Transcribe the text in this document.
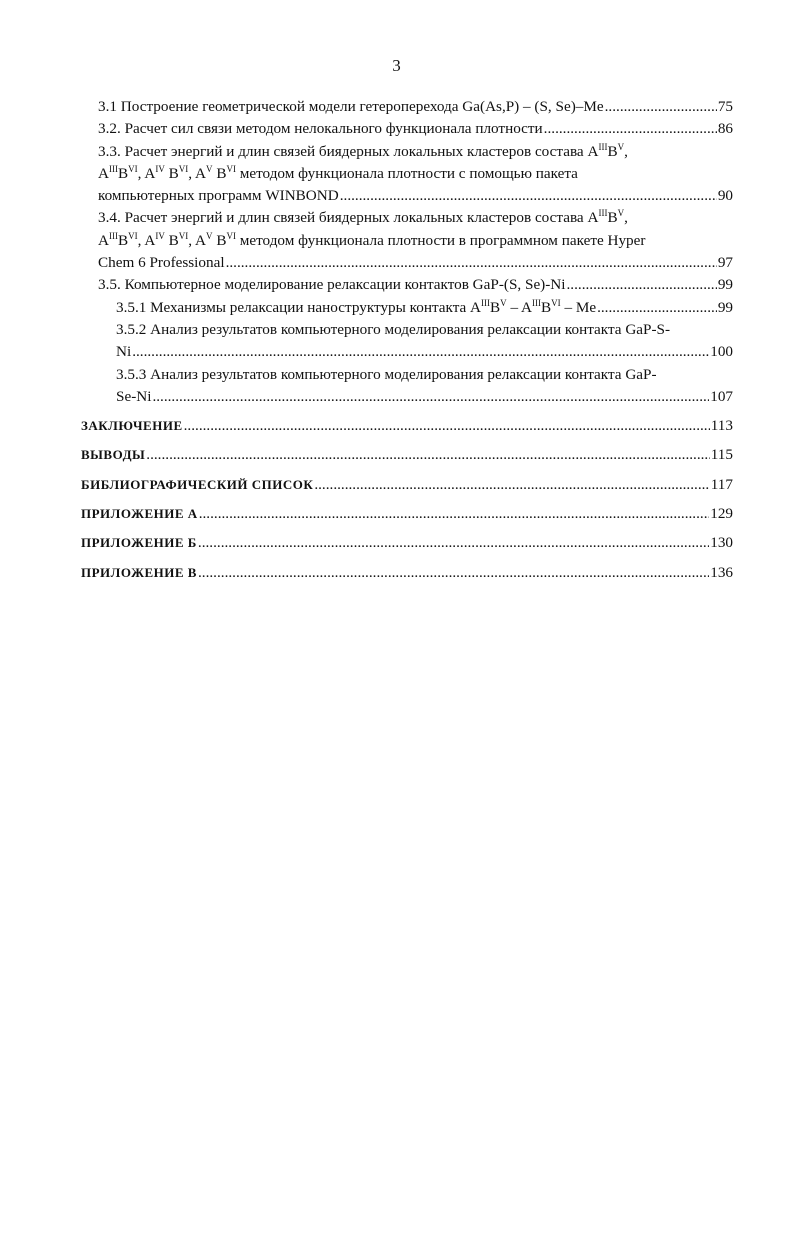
3
3.1 Построение геометрической модели гетероперехода Ga(As,P) – (S, Se)–Me .....	75
3.2. Расчет сил связи методом нелокального функционала плотности .....	86
3.3. Расчет энергий и длин связей биядерных локальных кластеров состава $A^{III}B^V$,
$A^{III}B^{VI}$, $A^{IV}$ $B^{VI}$, $A^V$ $B^{VI}$ методом функционала плотности с помощью пакета
компьютерных программ WINBOND .....	90
3.4. Расчет энергий и длин связей биядерных локальных кластеров состава $A^{III}B^V$,
$A^{III}B^{VI}$, $A^{IV}$ $B^{VI}$, $A^V$ $B^{VI}$ методом функционала плотности в программном пакете Hyper
Chem 6 Professional .....	97
3.5. Компьютерное моделирование релаксации контактов GaP-(S, Se)-Ni .....	99
3.5.1 Механизмы релаксации наноструктуры контакта $A^{III}B^V - A^{III}B^{VI}$ – Me .....	99
3.5.2 Анализ результатов компьютерного моделирования релаксации контакта GaP-S-
Ni .....	100
3.5.3 Анализ результатов компьютерного моделирования релаксации контакта GaP-
Se-Ni .....	107
ЗАКЛЮЧЕНИЕ .....	113
ВЫВОДЫ .....	115
БИБЛИОГРАФИЧЕСКИЙ СПИСОК .....	117
ПРИЛОЖЕНИЕ А .....	129
ПРИЛОЖЕНИЕ Б .....	130
ПРИЛОЖЕНИЕ В .....	136
